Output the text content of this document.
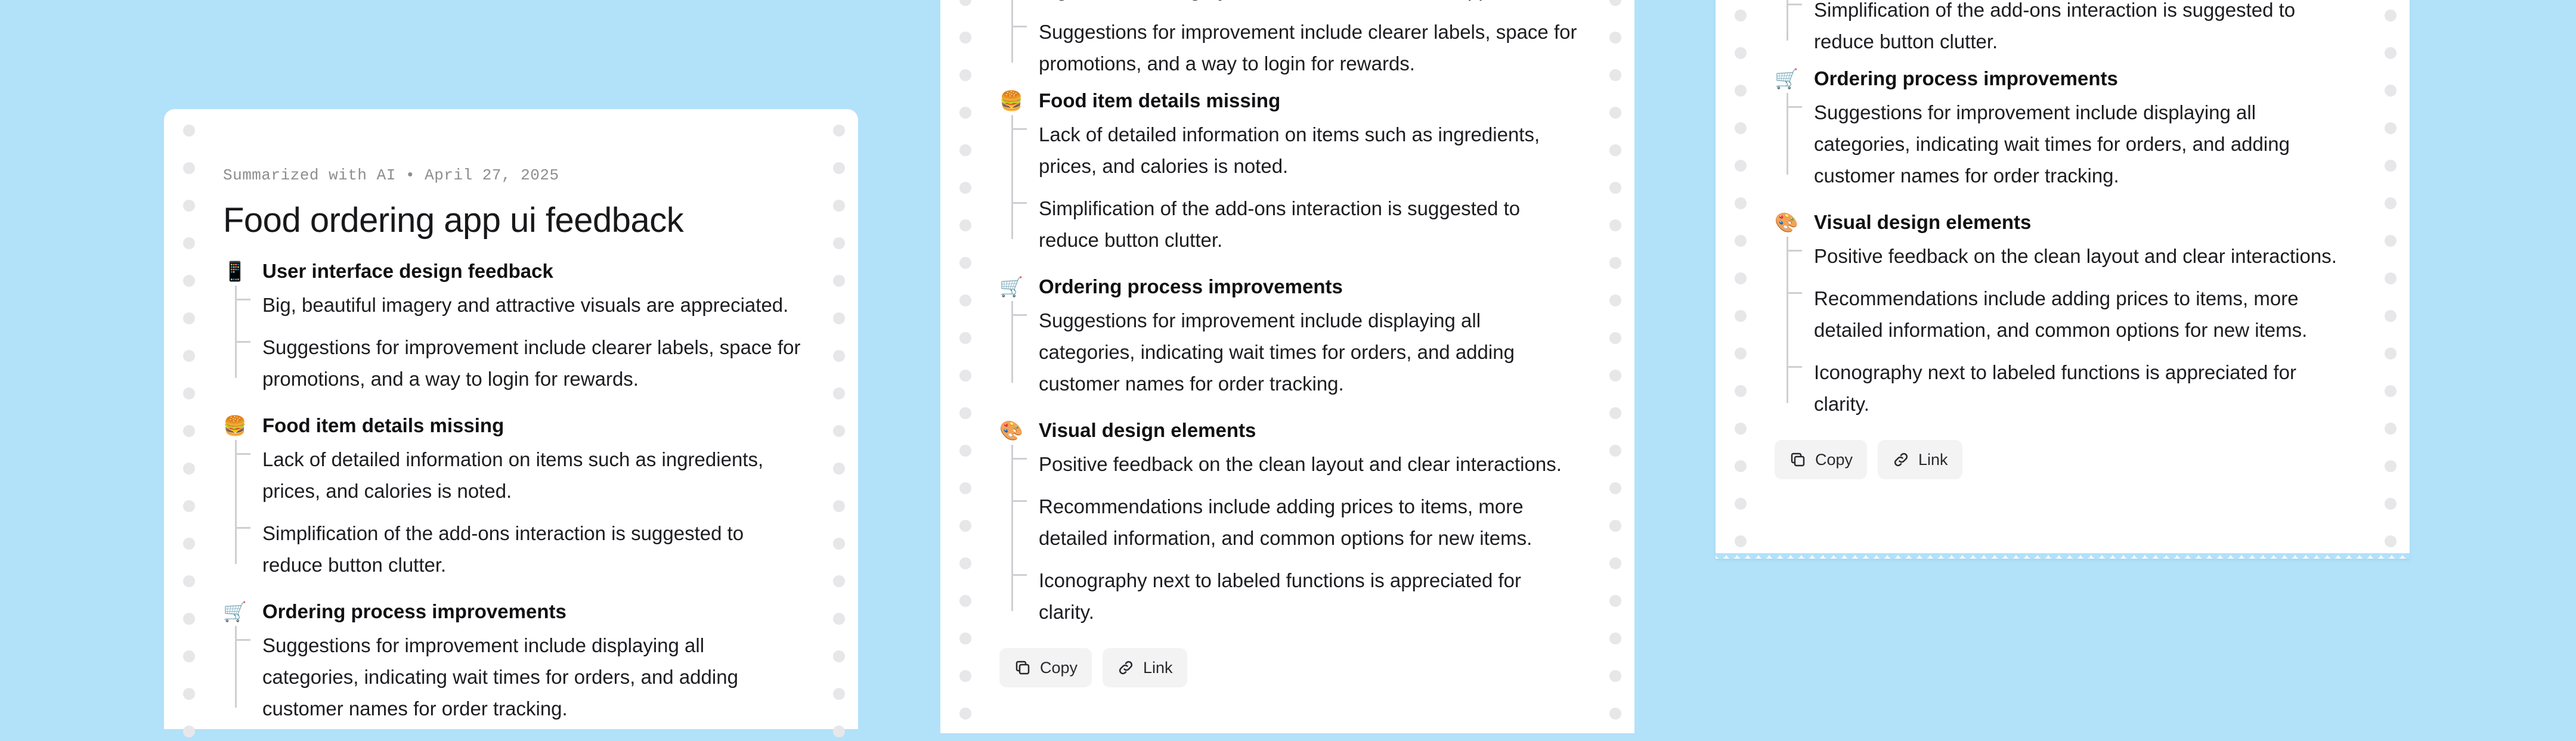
Summarized with AI • April 27, 2025
Food ordering app ui feedback
📱 User interface design feedback
Big, beautiful imagery and attractive visuals are appreciated.
Suggestions for improvement include clearer labels, space for promotions, and a way to login for rewards.
🍔 Food item details missing
Lack of detailed information on items such as ingredients, prices, and calories is noted.
Simplification of the add-ons interaction is suggested to reduce button clutter.
🛒 Ordering process improvements
Suggestions for improvement include displaying all categories, indicating wait times for orders, and adding customer names for order tracking.
Suggestions for improvement include clearer labels, space for promotions, and a way to login for rewards.
🍔 Food item details missing
Lack of detailed information on items such as ingredients, prices, and calories is noted.
Simplification of the add-ons interaction is suggested to reduce button clutter.
🛒 Ordering process improvements
Suggestions for improvement include displaying all categories, indicating wait times for orders, and adding customer names for order tracking.
🎨 Visual design elements
Positive feedback on the clean layout and clear interactions.
Recommendations include adding prices to items, more detailed information, and common options for new items.
Iconography next to labeled functions is appreciated for clarity.
Copy	Link
Simplification of the add-ons interaction is suggested to reduce button clutter.
🛒 Ordering process improvements
Suggestions for improvement include displaying all categories, indicating wait times for orders, and adding customer names for order tracking.
🎨 Visual design elements
Positive feedback on the clean layout and clear interactions.
Recommendations include adding prices to items, more detailed information, and common options for new items.
Iconography next to labeled functions is appreciated for clarity.
Copy	Link
